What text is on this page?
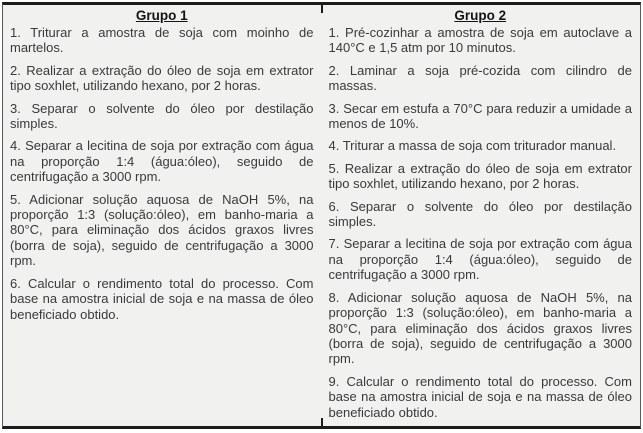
Grupo 1

1. Triturar a amostra de soja com moinho de martelos.

2. Realizar a extração do óleo de soja em extrator tipo soxhlet, utilizando hexano, por 2 horas.

3. Separar o solvente do óleo por destilação simples.

4. Separar a lecitina de soja por extração com água na proporção 1:4 (água:óleo), seguido de centrifugação a 3000 rpm.

5. Adicionar solução aquosa de NaOH 5%, na proporção 1:3 (solução:óleo), em banho-maria a 80°C, para eliminação dos ácidos graxos livres (borra de soja), seguido de centrifugação a 3000 rpm.

6. Calcular o rendimento total do processo. Com base na amostra inicial de soja e na massa de óleo beneficiado obtido.

Grupo 2

1. Pré-cozinhar a amostra de soja em autoclave a 140°C e 1,5 atm por 10 minutos.

2. Laminar a soja pré-cozida com cilindro de massas.

3. Secar em estufa a 70°C para reduzir a umidade a menos de 10%.

4. Triturar a massa de soja com triturador manual.

5. Realizar a extração do óleo de soja em extrator tipo soxhlet, utilizando hexano, por 2 horas.

6. Separar o solvente do óleo por destilação simples.

7. Separar a lecitina de soja por extração com água na proporção 1:4 (água:óleo), seguido de centrifugação a 3000 rpm.

8. Adicionar solução aquosa de NaOH 5%, na proporção 1:3 (solução:óleo), em banho-maria a 80°C, para eliminação dos ácidos graxos livres (borra de soja), seguido de centrifugação a 3000 rpm.

9. Calcular o rendimento total do processo. Com base na amostra inicial de soja e na massa de óleo beneficiado obtido.
